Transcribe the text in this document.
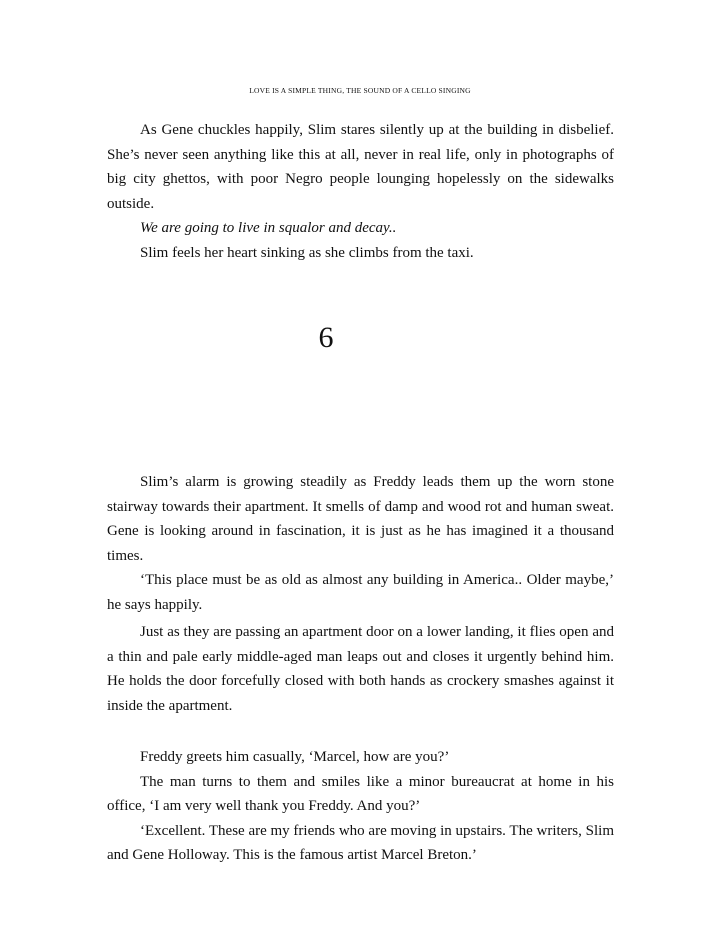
LOVE IS A SIMPLE THING, THE SOUND OF A CELLO SINGING

As Gene chuckles happily, Slim stares silently up at the building in disbelief. She’s never seen anything like this at all, never in real life, only in photographs of big city ghettos, with poor Negro people lounging hopelessly on the sidewalks outside.

We are going to live in squalor and decay..

Slim feels her heart sinking as she climbs from the taxi.

6

Slim’s alarm is growing steadily as Freddy leads them up the worn stone stairway towards their apartment. It smells of damp and wood rot and human sweat. Gene is looking around in fascination, it is just as he has imagined it a thousand times.

‘This place must be as old as almost any building in America.. Older maybe,’ he says happily.

Just as they are passing an apartment door on a lower landing, it flies open and a thin and pale early middle-aged man leaps out and closes it urgently behind him. He holds the door forcefully closed with both hands as crockery smashes against it inside the apartment.

Freddy greets him casually, ‘Marcel, how are you?’

The man turns to them and smiles like a minor bureaucrat at home in his office, ‘I am very well thank you Freddy. And you?’

‘Excellent. These are my friends who are moving in upstairs. The writers, Slim and Gene Holloway. This is the famous artist Marcel Breton.’
